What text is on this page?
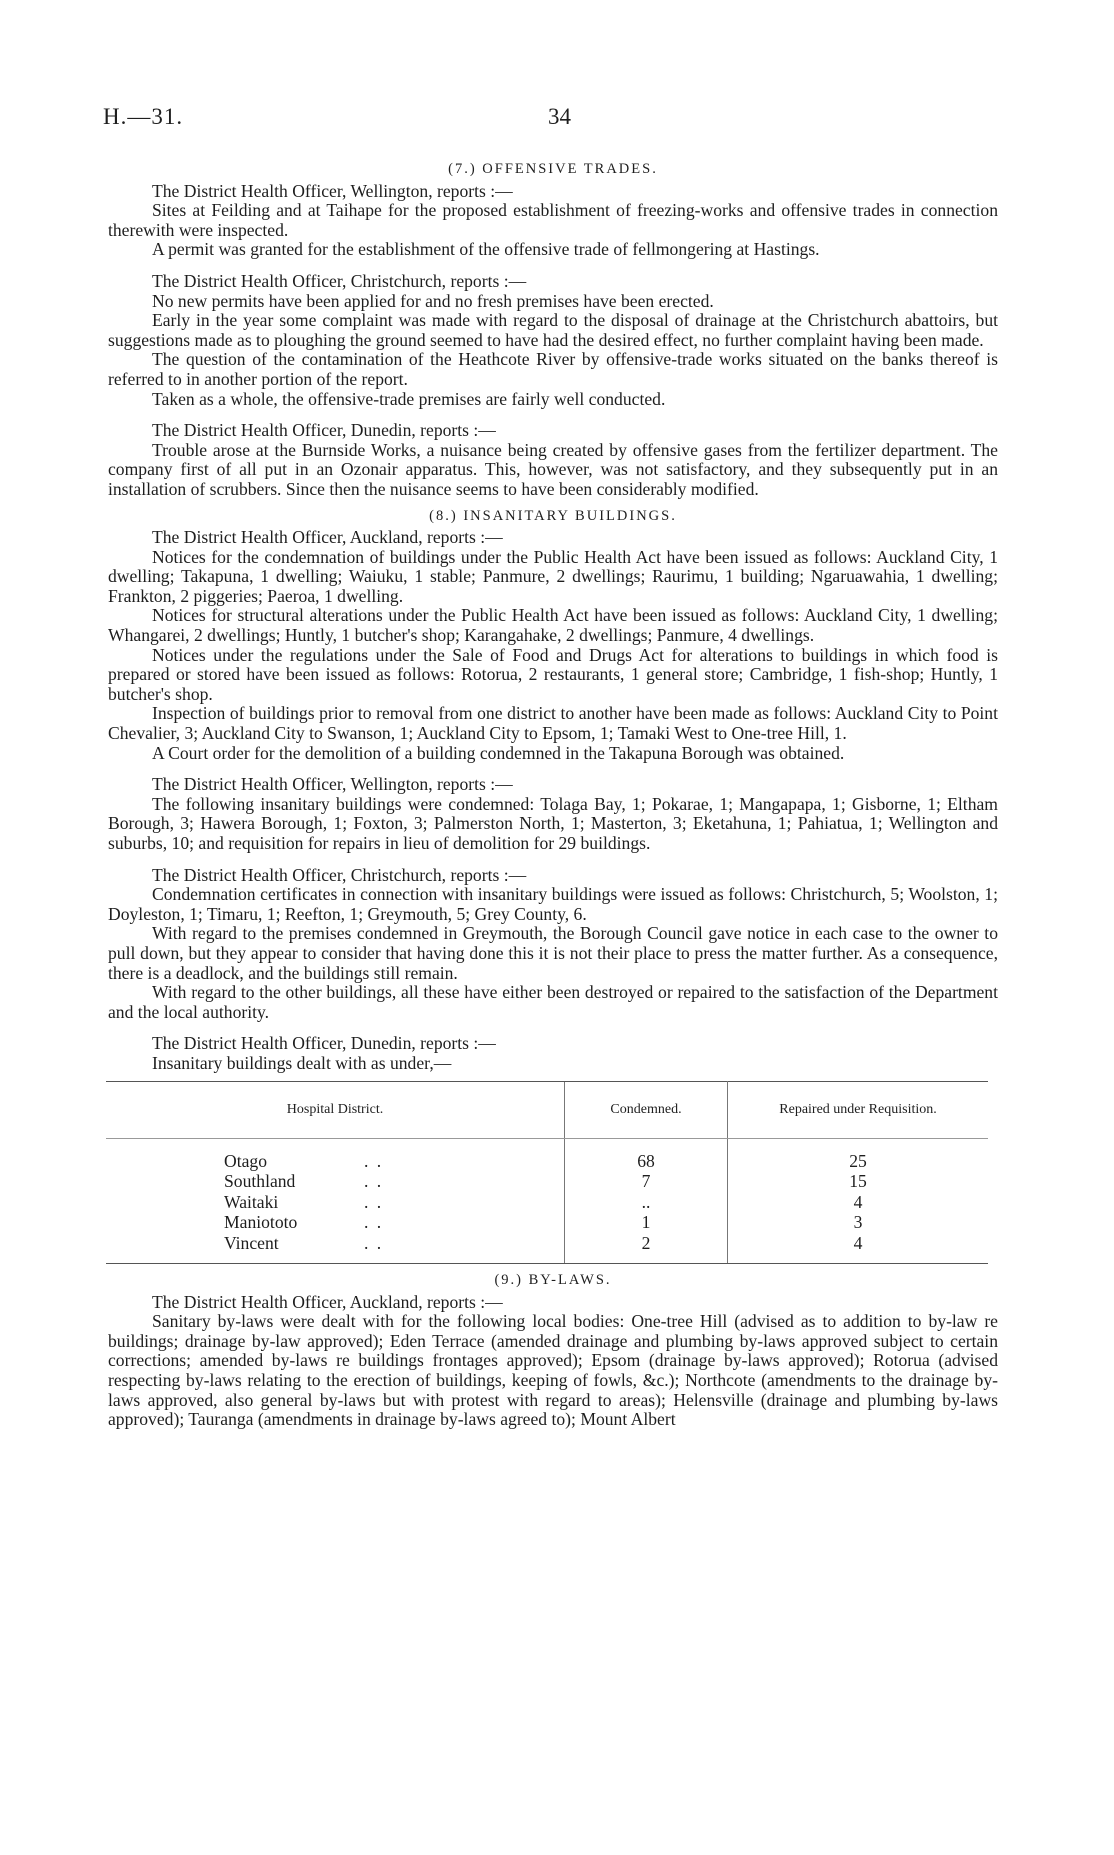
H.—31.	34
(7.) OFFENSIVE TRADES.

The District Health Officer, Wellington, reports :—

Sites at Feilding and at Taihape for the proposed establishment of freezing-works and offensive trades in connection therewith were inspected.

A permit was granted for the establishment of the offensive trade of fellmongering at Hastings.

The District Health Officer, Christchurch, reports :—

No new permits have been applied for and no fresh premises have been erected.

Early in the year some complaint was made with regard to the disposal of drainage at the Christchurch abattoirs, but suggestions made as to ploughing the ground seemed to have had the desired effect, no further complaint having been made.

The question of the contamination of the Heathcote River by offensive-trade works situated on the banks thereof is referred to in another portion of the report.

Taken as a whole, the offensive-trade premises are fairly well conducted.

The District Health Officer, Dunedin, reports :—

Trouble arose at the Burnside Works, a nuisance being created by offensive gases from the fertilizer department. The company first of all put in an Ozonair apparatus. This, however, was not satisfactory, and they subsequently put in an installation of scrubbers. Since then the nuisance seems to have been considerably modified.

(8.) INSANITARY BUILDINGS.

The District Health Officer, Auckland, reports :—

Notices for the condemnation of buildings under the Public Health Act have been issued as follows: Auckland City, 1 dwelling; Takapuna, 1 dwelling; Waiuku, 1 stable; Panmure, 2 dwellings; Raurimu, 1 building; Ngaruawahia, 1 dwelling; Frankton, 2 piggeries; Paeroa, 1 dwelling.

Notices for structural alterations under the Public Health Act have been issued as follows: Auckland City, 1 dwelling; Whangarei, 2 dwellings; Huntly, 1 butcher's shop; Karangahake, 2 dwellings; Panmure, 4 dwellings.

Notices under the regulations under the Sale of Food and Drugs Act for alterations to buildings in which food is prepared or stored have been issued as follows: Rotorua, 2 restaurants, 1 general store; Cambridge, 1 fish-shop; Huntly, 1 butcher's shop.

Inspection of buildings prior to removal from one district to another have been made as follows: Auckland City to Point Chevalier, 3; Auckland City to Swanson, 1; Auckland City to Epsom, 1; Tamaki West to One-tree Hill, 1.

A Court order for the demolition of a building condemned in the Takapuna Borough was obtained.

The District Health Officer, Wellington, reports :—

The following insanitary buildings were condemned: Tolaga Bay, 1; Pokarae, 1; Mangapapa, 1; Gisborne, 1; Eltham Borough, 3; Hawera Borough, 1; Foxton, 3; Palmerston North, 1; Masterton, 3; Eketahuna, 1; Pahiatua, 1; Wellington and suburbs, 10; and requisition for repairs in lieu of demolition for 29 buildings.

The District Health Officer, Christchurch, reports :—

Condemnation certificates in connection with insanitary buildings were issued as follows: Christchurch, 5; Woolston, 1; Doyleston, 1; Timaru, 1; Reefton, 1; Greymouth, 5; Grey County, 6.

With regard to the premises condemned in Greymouth, the Borough Council gave notice in each case to the owner to pull down, but they appear to consider that having done this it is not their place to press the matter further. As a consequence, there is a deadlock, and the buildings still remain.

With regard to the other buildings, all these have either been destroyed or repaired to the satisfaction of the Department and the local authority.

The District Health Officer, Dunedin, reports :—

Insanitary buildings dealt with as under,—

Hospital District.	Condemned.	Repaired under Requisition.
Otago . .	68	25
Southland . .	7	15
Waitaki . .	..	4
Maniototo . .	1	3
Vincent . .	2	4
(9.) BY-LAWS.

The District Health Officer, Auckland, reports :—

Sanitary by-laws were dealt with for the following local bodies: One-tree Hill (advised as to addition to by-law re buildings; drainage by-law approved); Eden Terrace (amended drainage and plumbing by-laws approved subject to certain corrections; amended by-laws re buildings frontages approved); Epsom (drainage by-laws approved); Rotorua (advised respecting by-laws relating to the erection of buildings, keeping of fowls, &c.); Northcote (amendments to the drainage by-laws approved, also general by-laws but with protest with regard to areas); Helensville (drainage and plumbing by-laws approved); Tauranga (amendments in drainage by-laws agreed to); Mount Albert
